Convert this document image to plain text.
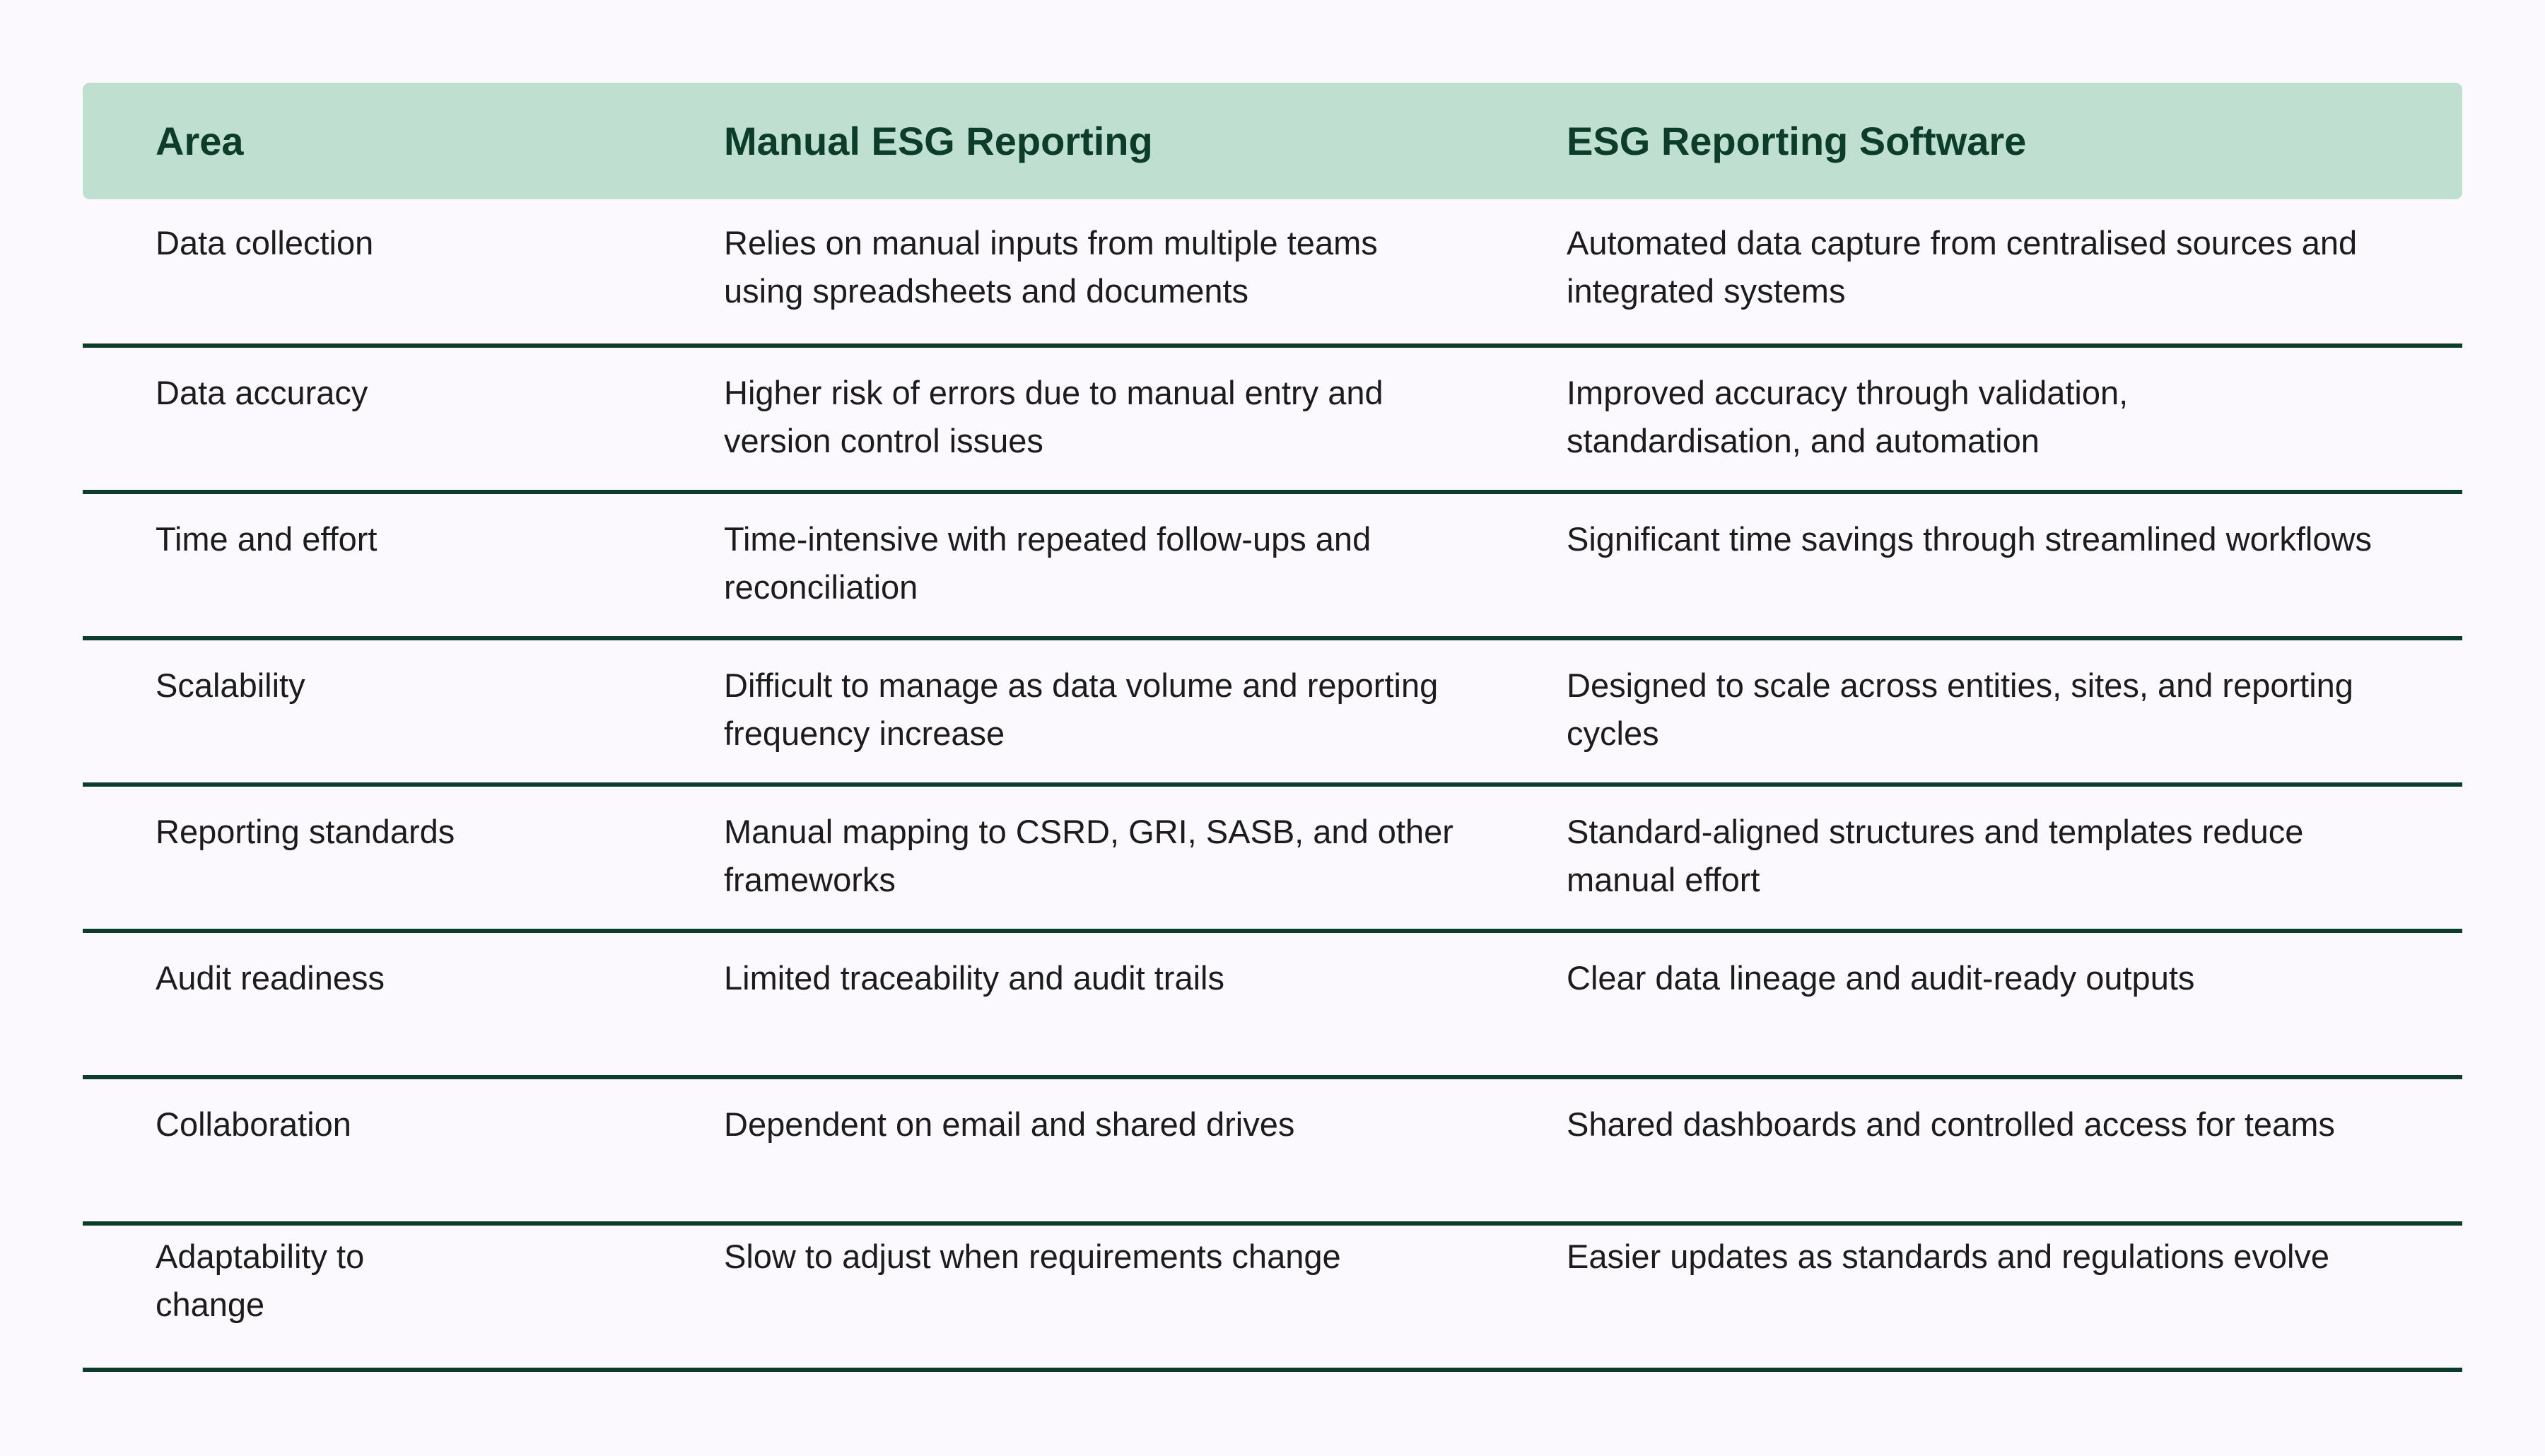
Area	Manual ESG Reporting	ESG Reporting Software
Data collection	Relies on manual inputs from multiple teams using spreadsheets and documents	Automated data capture from centralised sources and integrated systems
Data accuracy	Higher risk of errors due to manual entry and version control issues	Improved accuracy through validation, standardisation, and automation
Time and effort	Time-intensive with repeated follow-ups and reconciliation	Significant time savings through streamlined workflows
Scalability	Difficult to manage as data volume and reporting frequency increase	Designed to scale across entities, sites, and reporting cycles
Reporting standards	Manual mapping to CSRD, GRI, SASB, and other frameworks	Standard-aligned structures and templates reduce manual effort
Audit readiness	Limited traceability and audit trails	Clear data lineage and audit-ready outputs
Collaboration	Dependent on email and shared drives	Shared dashboards and controlled access for teams
Adaptability to change	Slow to adjust when requirements change	Easier updates as standards and regulations evolve
